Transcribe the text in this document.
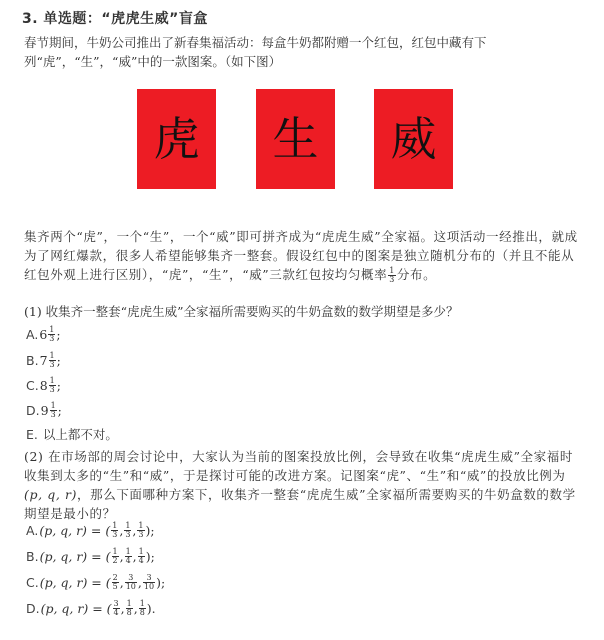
3. 单选题：“虎虎生威”盲盒
春节期间，牛奶公司推出了新春集福活动：每盒牛奶都附赠一个红包，红包中藏有下列“虎”，“生”，“威”中的一款图案。（如下图）
虎 生 威
集齐两个“虎”，一个“生”，一个“威”即可拼齐成为“虎虎生威”全家福。这项活动一经推出，就成为了网红爆款，很多人希望能够集齐一整套。假设红包中的图案是独立随机分布的（并且不能从红包外观上进行区别），“虎”，“生”，“威”三款红包按均匀概率 $\frac{1}{3}$ 分布。
(1) 收集齐一整套“虎虎生威”全家福所需要购买的牛奶盒数的数学期望是多少？
A. $6 \frac{1}{3}$ ;
B. $7 \frac{1}{3}$ ;
C. $8 \frac{1}{3}$ ;
D. $9 \frac{1}{3}$ ;
E. 以上都不对。
(2) 在市场部的周会讨论中，大家认为当前的图案投放比例，会导致在收集“虎虎生威”全家福时收集到太多的“生”和“威”，于是探讨可能的改进方案。记图案“虎”、“生”和“威”的投放比例为(p, q, r)，那么下面哪种方案下，收集齐一整套“虎虎生威”全家福所需要购买的牛奶盒数的数学期望是最小的？
A. (p, q, r) = ( $\frac{1}{3}$ , $\frac{1}{3}$ , $\frac{1}{3}$ );
B. (p, q, r) = ( $\frac{1}{2}$ , $\frac{1}{4}$ , $\frac{1}{4}$ );
C. (p, q, r) = ( $\frac{2}{5}$ , $\frac{3}{10}$ , $\frac{3}{10}$ );
D. (p, q, r) = ( $\frac{3}{4}$ , $\frac{1}{8}$ , $\frac{1}{8}$ ).
